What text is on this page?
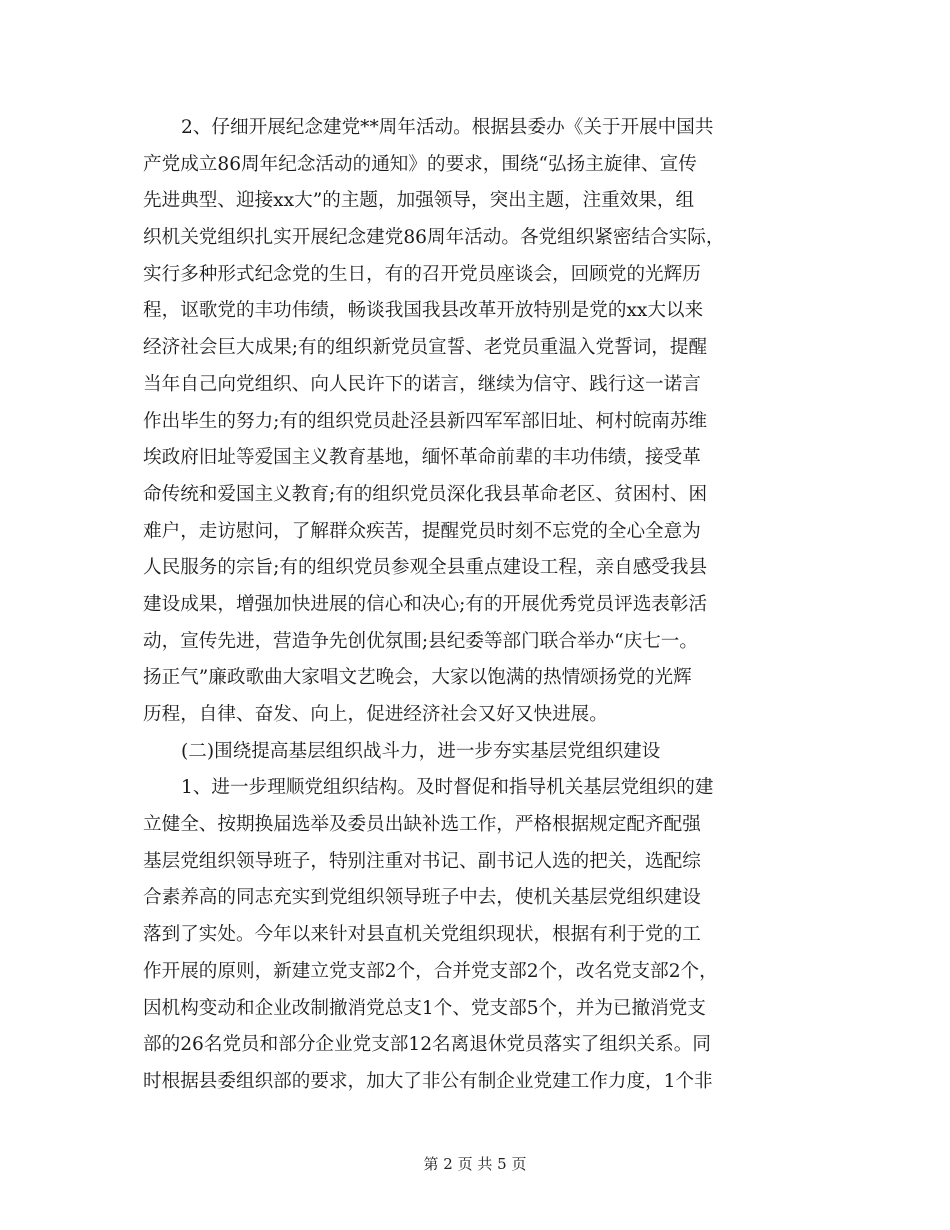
2、仔细开展纪念建党**周年活动。根据县委办《关于开展中国共
产党成立86周年纪念活动的通知》的要求，围绕“弘扬主旋律、宣传
先进典型、迎接xx大”的主题，加强领导，突出主题，注重效果，组
织机关党组织扎实开展纪念建党86周年活动。各党组织紧密结合实际，
实行多种形式纪念党的生日，有的召开党员座谈会，回顾党的光辉历
程，讴歌党的丰功伟绩，畅谈我国我县改革开放特别是党的xx大以来
经济社会巨大成果;有的组织新党员宣誓、老党员重温入党誓词，提醒
当年自己向党组织、向人民许下的诺言，继续为信守、践行这一诺言
作出毕生的努力;有的组织党员赴泾县新四军军部旧址、柯村皖南苏维
埃政府旧址等爱国主义教育基地，缅怀革命前辈的丰功伟绩，接受革
命传统和爱国主义教育;有的组织党员深化我县革命老区、贫困村、困
难户，走访慰问，了解群众疾苦，提醒党员时刻不忘党的全心全意为
人民服务的宗旨;有的组织党员参观全县重点建设工程，亲自感受我县
建设成果，增强加快进展的信心和决心;有的开展优秀党员评选表彰活
动，宣传先进，营造争先创优氛围;县纪委等部门联合举办“庆七一。
扬正气”廉政歌曲大家唱文艺晚会，大家以饱满的热情颂扬党的光辉
历程，自律、奋发、向上，促进经济社会又好又快进展。
(二)围绕提高基层组织战斗力，进一步夯实基层党组织建设
1、进一步理顺党组织结构。及时督促和指导机关基层党组织的建
立健全、按期换届选举及委员出缺补选工作，严格根据规定配齐配强
基层党组织领导班子，特别注重对书记、副书记人选的把关，选配综
合素养高的同志充实到党组织领导班子中去，使机关基层党组织建设
落到了实处。今年以来针对县直机关党组织现状，根据有利于党的工
作开展的原则，新建立党支部2个，合并党支部2个，改名党支部2个，
因机构变动和企业改制撤消党总支1个、党支部5个，并为已撤消党支
部的26名党员和部分企业党支部12名离退休党员落实了组织关系。同
时根据县委组织部的要求，加大了非公有制企业党建工作力度，1个非
第 2 页 共 5 页
